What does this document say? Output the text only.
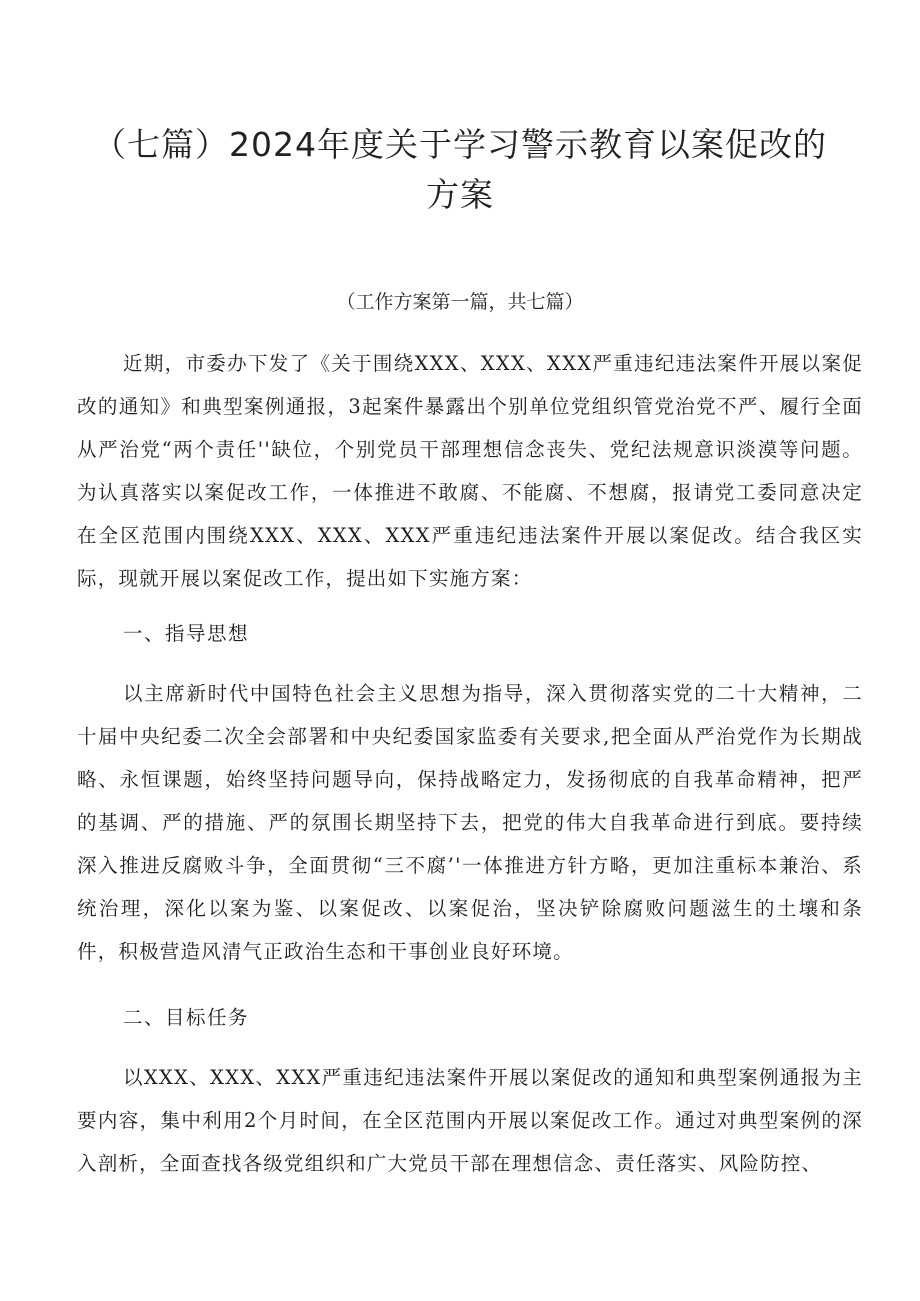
（七篇）2024年度关于学习警示教育以案促改的方案
（工作方案第一篇，共七篇）
近期，市委办下发了《关于围绕XXX、XXX、XXX严重违纪违法案件开展以案促改的通知》和典型案例通报，3起案件暴露出个别单位党组织管党治党不严、履行全面从严治党“两个责任''缺位，个别党员干部理想信念丧失、党纪法规意识淡漠等问题。为认真落实以案促改工作，一体推进不敢腐、不能腐、不想腐，报请党工委同意决定在全区范围内围绕XXX、XXX、XXX严重违纪违法案件开展以案促改。结合我区实际，现就开展以案促改工作，提出如下实施方案：
一、指导思想
以主席新时代中国特色社会主义思想为指导，深入贯彻落实党的二十大精神，二十届中央纪委二次全会部署和中央纪委国家监委有关要求,把全面从严治党作为长期战略、永恒课题，始终坚持问题导向，保持战略定力，发扬彻底的自我革命精神，把严的基调、严的措施、严的氛围长期坚持下去，把党的伟大自我革命进行到底。要持续深入推进反腐败斗争，全面贯彻“三不腐’'一体推进方针方略，更加注重标本兼治、系统治理，深化以案为鉴、以案促改、以案促治，坚决铲除腐败问题滋生的土壤和条件，积极营造风清气正政治生态和干事创业良好环境。
二、目标任务
以XXX、XXX、XXX严重违纪违法案件开展以案促改的通知和典型案例通报为主要内容，集中利用2个月时间，在全区范围内开展以案促改工作。通过对典型案例的深入剖析，全面查找各级党组织和广大党员干部在理想信念、责任落实、风险防控、
